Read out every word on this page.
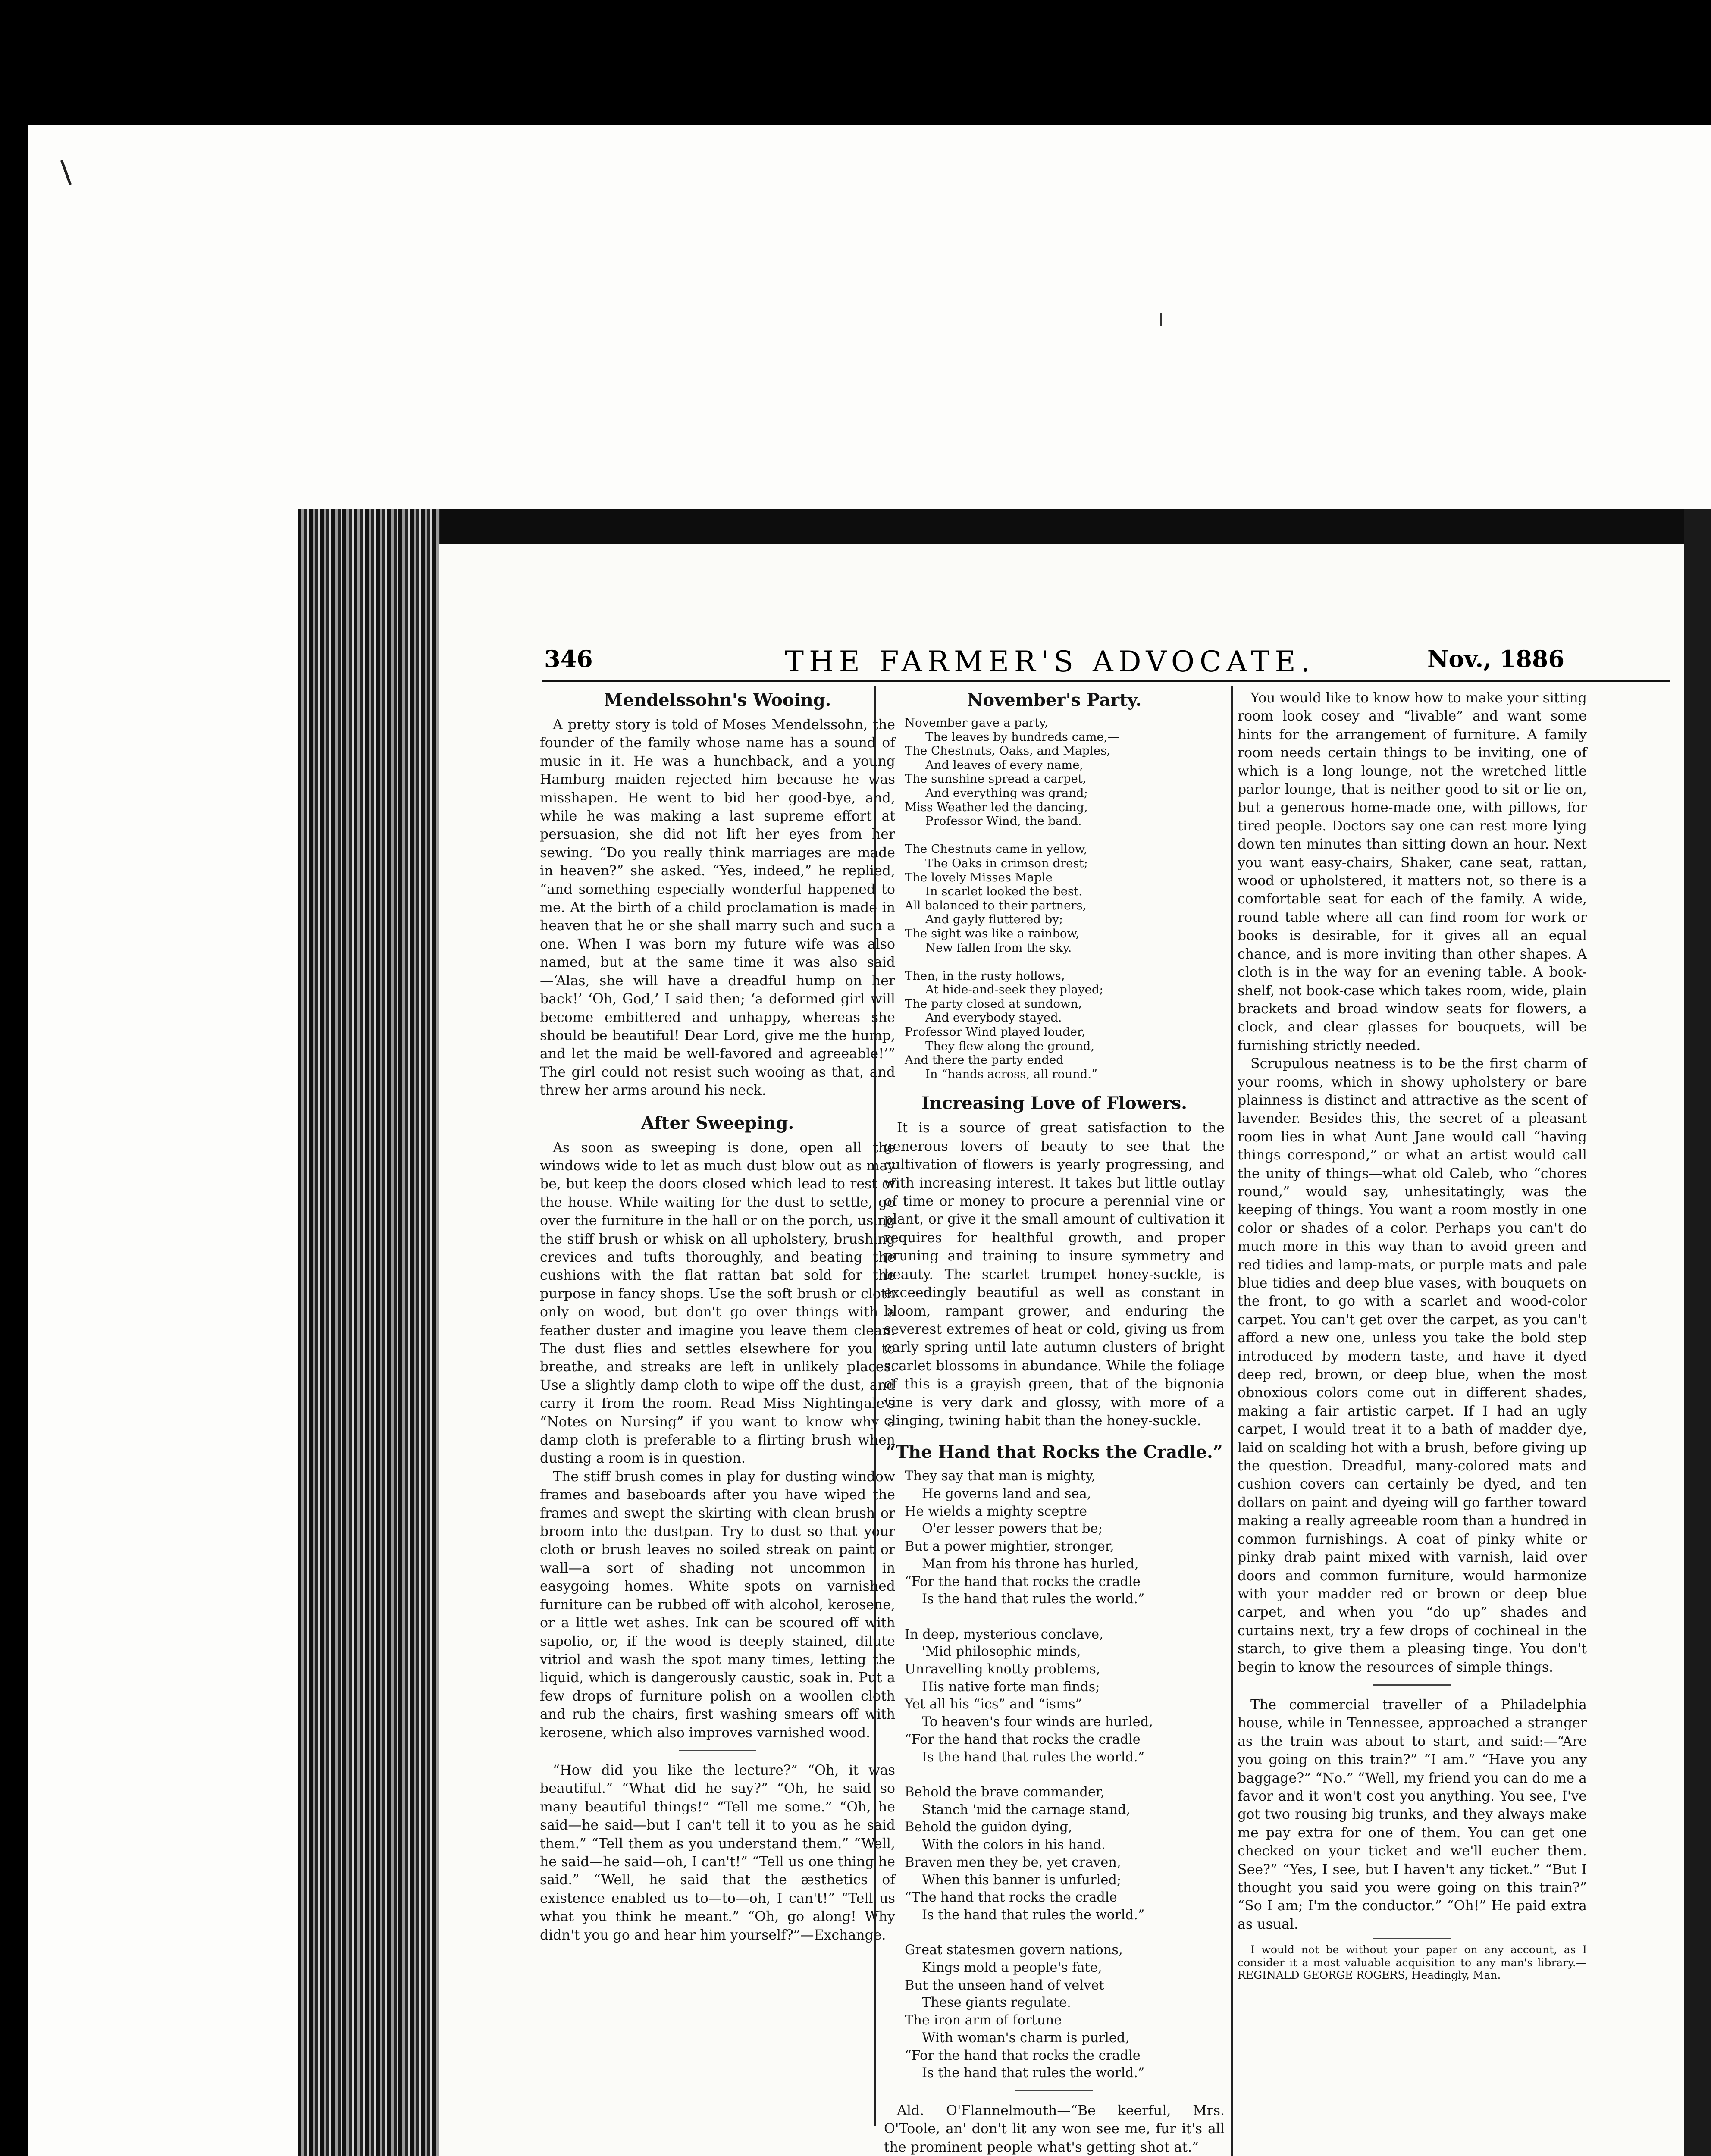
346	THE FARMER'S ADVOCATE.	Nov., 1886
Mendelssohn's Wooing.

A pretty story is told of Moses Mendelssohn, the founder of the family whose name has a sound of music in it. He was a hunchback, and a young Hamburg maiden rejected him because he was misshapen. He went to bid her good-bye, and, while he was making a last supreme effort at persuasion, she did not lift her eyes from her sewing. “Do you really think marriages are made in heaven?” she asked. “Yes, indeed,” he replied, “and something especially wonderful happened to me. At the birth of a child proclamation is made in heaven that he or she shall marry such and such a one. When I was born my future wife was also named, but at the same time it was also said—‘Alas, she will have a dreadful hump on her back!’ ‘Oh, God,’ I said then; ‘a deformed girl will become embittered and unhappy, whereas she should be beautiful! Dear Lord, give me the hump, and let the maid be well-favored and agreeable!’” The girl could not resist such wooing as that, and threw her arms around his neck.

After Sweeping.

As soon as sweeping is done, open all the windows wide to let as much dust blow out as may be, but keep the doors closed which lead to rest of the house. While waiting for the dust to settle, go over the furniture in the hall or on the porch, using the stiff brush or whisk on all upholstery, brushing crevices and tufts thoroughly, and beating the cushions with the flat rattan bat sold for the purpose in fancy shops. Use the soft brush or cloth only on wood, but don't go over things with a feather duster and imagine you leave them clean. The dust flies and settles elsewhere for you to breathe, and streaks are left in unlikely places. Use a slightly damp cloth to wipe off the dust, and carry it from the room. Read Miss Nightingale's “Notes on Nursing” if you want to know why a damp cloth is preferable to a flirting brush when dusting a room is in question.

The stiff brush comes in play for dusting window frames and baseboards after you have wiped the frames and swept the skirting with clean brush or broom into the dustpan. Try to dust so that your cloth or brush leaves no soiled streak on paint or wall—a sort of shading not uncommon in easygoing homes. White spots on varnished furniture can be rubbed off with alcohol, kerosene, or a little wet ashes. Ink can be scoured off with sapolio, or, if the wood is deeply stained, dilute vitriol and wash the spot many times, letting the liquid, which is dangerously caustic, soak in. Put a few drops of furniture polish on a woollen cloth and rub the chairs, first washing smears off with kerosene, which also improves varnished wood.

“How did you like the lecture?” “Oh, it was beautiful.” “What did he say?” “Oh, he said so many beautiful things!” “Tell me some.” “Oh, he said—he said—but I can't tell it to you as he said them.” “Tell them as you understand them.” “Well, he said—he said—oh, I can't!” “Tell us one thing he said.” “Well, he said that the æsthetics of existence enabled us to—to—oh, I can't!” “Tell us what you think he meant.” “Oh, go along! Why didn't you go and hear him yourself?”—Exchange.

November's Party.
November gave a party,
The leaves by hundreds came,—
The Chestnuts, Oaks, and Maples,
And leaves of every name,
The sunshine spread a carpet,
And everything was grand;
Miss Weather led the dancing,
Professor Wind, the band.

The Chestnuts came in yellow,
The Oaks in crimson drest;
The lovely Misses Maple
In scarlet looked the best.
All balanced to their partners,
And gayly fluttered by;
The sight was like a rainbow,
New fallen from the sky.

Then, in the rusty hollows,
At hide-and-seek they played;
The party closed at sundown,
And everybody stayed.
Professor Wind played louder,
They flew along the ground,
And there the party ended
In “hands across, all round.”
Increasing Love of Flowers.

It is a source of great satisfaction to the generous lovers of beauty to see that the cultivation of flowers is yearly progressing, and with increasing interest. It takes but little outlay of time or money to procure a perennial vine or plant, or give it the small amount of cultivation it requires for healthful growth, and proper pruning and training to insure symmetry and beauty. The scarlet trumpet honey-suckle, is exceedingly beautiful as well as constant in bloom, rampant grower, and enduring the severest extremes of heat or cold, giving us from early spring until late autumn clusters of bright scarlet blossoms in abundance. While the foliage of this is a grayish green, that of the bignonia vine is very dark and glossy, with more of a clinging, twining habit than the honey-suckle.

“The Hand that Rocks the Cradle.”
They say that man is mighty,
He governs land and sea,
He wields a mighty sceptre
O'er lesser powers that be;
But a power mightier, stronger,
Man from his throne has hurled,
“For the hand that rocks the cradle
Is the hand that rules the world.”

In deep, mysterious conclave,
'Mid philosophic minds,
Unravelling knotty problems,
His native forte man finds;
Yet all his “ics” and “isms”
To heaven's four winds are hurled,
“For the hand that rocks the cradle
Is the hand that rules the world.”

Behold the brave commander,
Stanch 'mid the carnage stand,
Behold the guidon dying,
With the colors in his hand.
Braven men they be, yet craven,
When this banner is unfurled;
“The hand that rocks the cradle
Is the hand that rules the world.”

Great statesmen govern nations,
Kings mold a people's fate,
But the unseen hand of velvet
These giants regulate.
The iron arm of fortune
With woman's charm is purled,
“For the hand that rocks the cradle
Is the hand that rules the world.”

Ald. O'Flannelmouth—“Be keerful, Mrs. O'Toole, an' don't lit any won see me, fur it's all the prominent people what's getting shot at.”

You would like to know how to make your sitting room look cosey and “livable” and want some hints for the arrangement of furniture. A family room needs certain things to be inviting, one of which is a long lounge, not the wretched little parlor lounge, that is neither good to sit or lie on, but a generous home-made one, with pillows, for tired people. Doctors say one can rest more lying down ten minutes than sitting down an hour. Next you want easy-chairs, Shaker, cane seat, rattan, wood or upholstered, it matters not, so there is a comfortable seat for each of the family. A wide, round table where all can find room for work or books is desirable, for it gives all an equal chance, and is more inviting than other shapes. A cloth is in the way for an evening table. A book-shelf, not book-case which takes room, wide, plain brackets and broad window seats for flowers, a clock, and clear glasses for bouquets, will be furnishing strictly needed.

Scrupulous neatness is to be the first charm of your rooms, which in showy upholstery or bare plainness is distinct and attractive as the scent of lavender. Besides this, the secret of a pleasant room lies in what Aunt Jane would call “having things correspond,” or what an artist would call the unity of things—what old Caleb, who “chores round,” would say, unhesitatingly, was the keeping of things. You want a room mostly in one color or shades of a color. Perhaps you can't do much more in this way than to avoid green and red tidies and lamp-mats, or purple mats and pale blue tidies and deep blue vases, with bouquets on the front, to go with a scarlet and wood-color carpet. You can't get over the carpet, as you can't afford a new one, unless you take the bold step introduced by modern taste, and have it dyed deep red, brown, or deep blue, when the most obnoxious colors come out in different shades, making a fair artistic carpet. If I had an ugly carpet, I would treat it to a bath of madder dye, laid on scalding hot with a brush, before giving up the question. Dreadful, many-colored mats and cushion covers can certainly be dyed, and ten dollars on paint and dyeing will go farther toward making a really agreeable room than a hundred in common furnishings. A coat of pinky white or pinky drab paint mixed with varnish, laid over doors and common furniture, would harmonize with your madder red or brown or deep blue carpet, and when you “do up” shades and curtains next, try a few drops of cochineal in the starch, to give them a pleasing tinge. You don't begin to know the resources of simple things.

The commercial traveller of a Philadelphia house, while in Tennessee, approached a stranger as the train was about to start, and said:—“Are you going on this train?” “I am.” “Have you any baggage?” “No.” “Well, my friend you can do me a favor and it won't cost you anything. You see, I've got two rousing big trunks, and they always make me pay extra for one of them. You can get one checked on your ticket and we'll eucher them. See?” “Yes, I see, but I haven't any ticket.” “But I thought you said you were going on this train?” “So I am; I'm the conductor.” “Oh!” He paid extra as usual.

I would not be without your paper on any account, as I consider it a most valuable acquisition to any man's library.—REGINALD GEORGE ROGERS, Headingly, Man.
